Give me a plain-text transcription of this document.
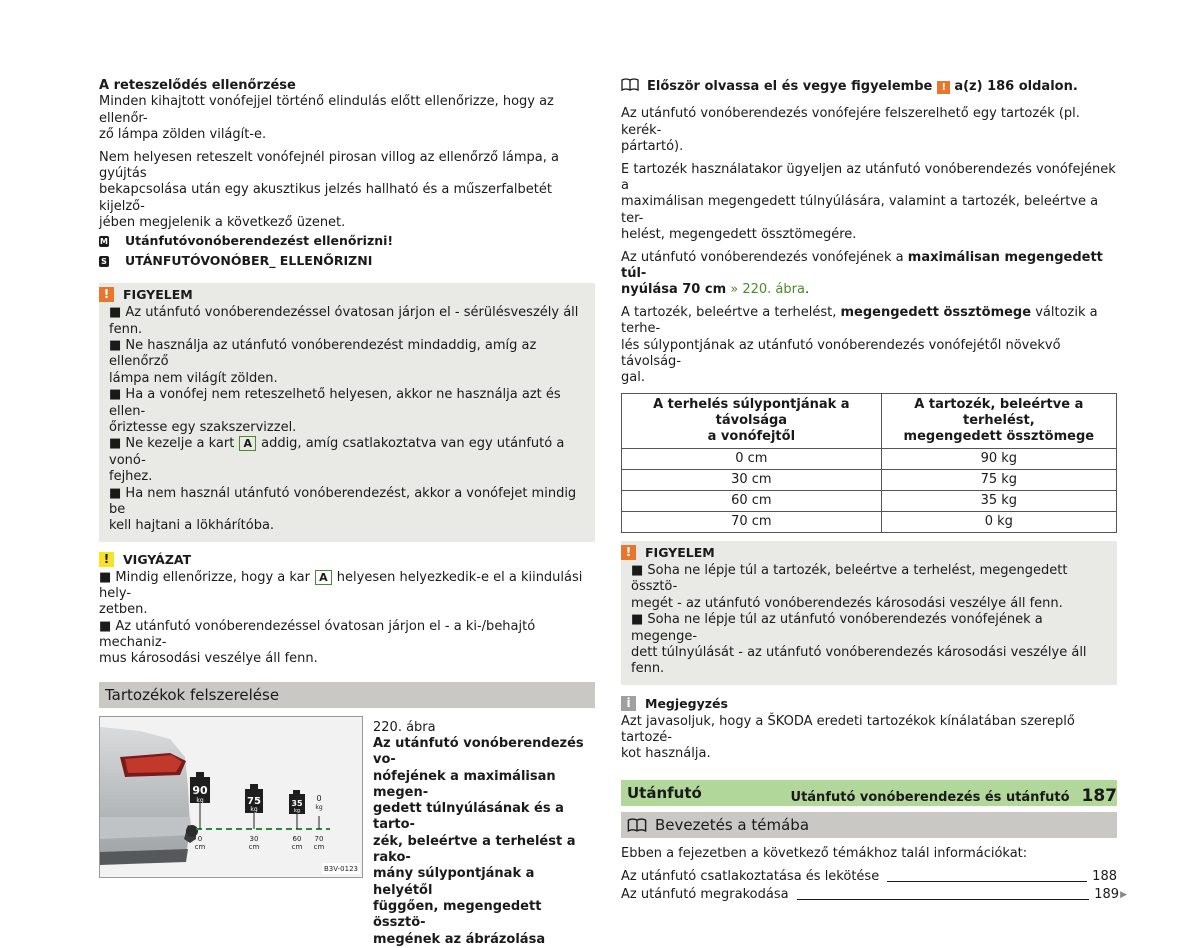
A reteszelődés ellenőrzése

Minden kihajtott vonófejjel történő elindulás előtt ellenőrizze, hogy az ellenőr-

ző lámpa zölden világít-e.

Nem helyesen reteszelt vonófejnél pirosan villog az ellenőrző lámpa, a gyújtás

bekapcsolása után egy akusztikus jelzés hallható és a műszerfalbetét kijelző-

jében megjelenik a következő üzenet.

M Utánfutóvonóberendezést ellenőrizni!
S UTÁNFUTÓVONÓBER_ ELLENŐRIZNI
!	FIGYELEM

■ Az utánfutó vonóberendezéssel óvatosan járjon el - sérülésveszély áll

fenn.

■ Ne használja az utánfutó vonóberendezést mindaddig, amíg az ellenőrző

lámpa nem világít zölden.

■ Ha a vonófej nem reteszelhető helyesen, akkor ne használja azt és ellen-

őriztesse egy szakszervizzel.

■ Ne kezelje a kart A addig, amíg csatlakoztatva van egy utánfutó a vonó-

fejhez.

■ Ha nem használ utánfutó vonóberendezést, akkor a vonófejet mindig be

kell hajtani a lökhárítóba.

!	VIGYÁZAT

■ Mindig ellenőrizze, hogy a kar A helyesen helyezkedik-e el a kiindulási hely-

zetben.

■ Az utánfutó vonóberendezéssel óvatosan járjon el - a ki-/behajtó mechaniz-

mus károsodási veszélye áll fenn.

Tartozékok felszerelése
90
kg	75
kg
35
kg
0
kg
0
cm
30
cm
60
cm
70
cm
B3V-0123

220. ábra

Az utánfutó vonóberendezés vo-

nófejének a maximálisan megen-

gedett túlnyúlásának és a tarto-

zék, beleértve a terhelést a rako-

mány súlypontjának a helyétől

függően, megengedett össztö-

megének az ábrázolása

Először olvassa el és vegye figyelembe ! a(z) 186 oldalon.

Az utánfutó vonóberendezés vonófejére felszerelhető egy tartozék (pl. kerék-

pártartó).

E tartozék használatakor ügyeljen az utánfutó vonóberendezés vonófejének a

maximálisan megengedett túlnyúlására, valamint a tartozék, beleértve a ter-

helést, megengedett össztömegére.

Az utánfutó vonóberendezés vonófejének a maximálisan megengedett túl-

nyúlása 70 cm » 220. ábra.

A tartozék, beleértve a terhelést, megengedett össztömege változik a terhe-

lés súlypontjának az utánfutó vonóberendezés vonófejétől növekvő távolság-

gal.

A terhelés súlypontjának a távolsága
a vonófejtől	A tartozék, beleértve a terhelést,
megengedett össztömege
0 cm	90 kg
30 cm	75 kg
60 cm	35 kg
70 cm	0 kg
!	FIGYELEM

■ Soha ne lépje túl a tartozék, beleértve a terhelést, megengedett össztö-

megét - az utánfutó vonóberendezés károsodási veszélye áll fenn.

■ Soha ne lépje túl az utánfutó vonóberendezés vonófejének a megenge-

dett túlnyúlását - az utánfutó vonóberendezés károsodási veszélye áll

fenn.

i	Megjegyzés

Azt javasoljuk, hogy a ŠKODA eredeti tartozékok kínálatában szereplő tartozé-

kot használja.

Utánfutó
Bevezetés a témába

Ebben a fejezetben a következő témákhoz talál információkat:

Az utánfutó csatlakoztatása és lekötése	188
Az utánfutó megrakodása	189 ▶
Utánfutó vonóberendezés és utánfutó 187
